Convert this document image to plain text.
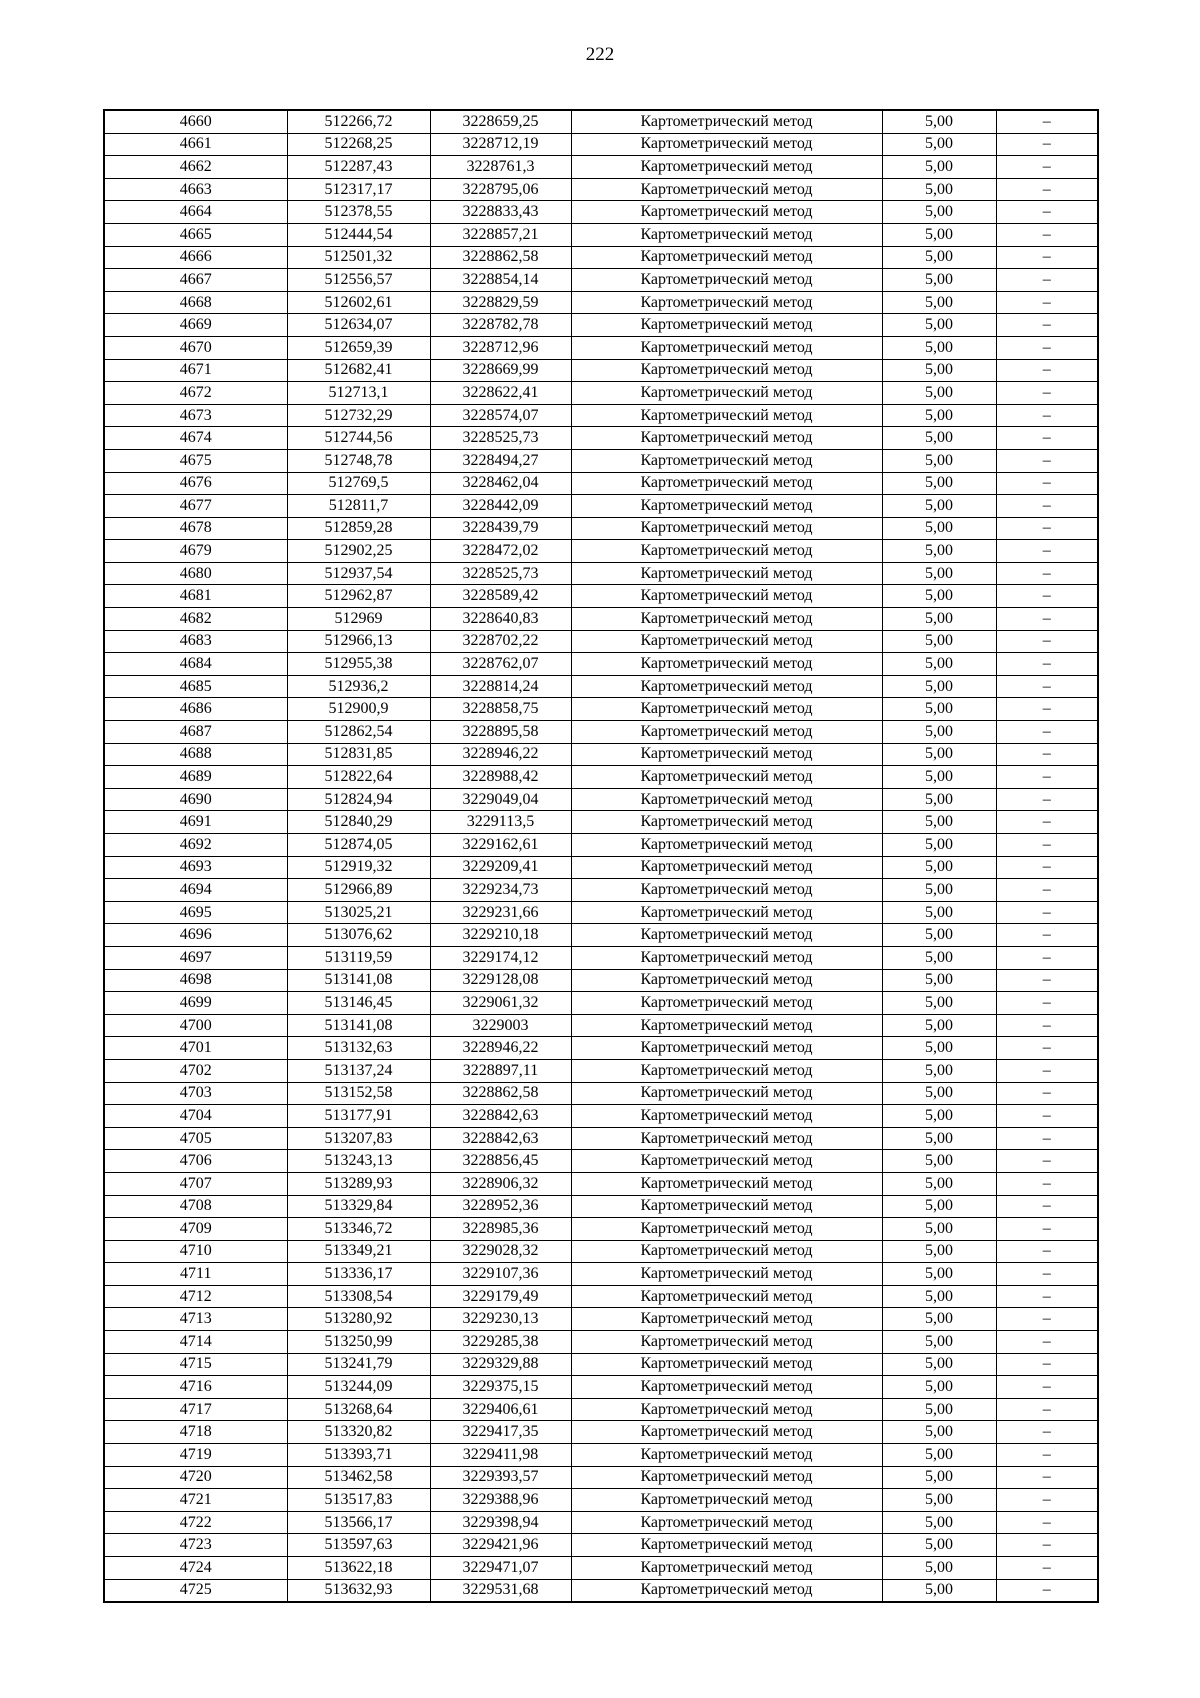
222
4660	512266,72	3228659,25	Картометрический метод	5,00	–
4661	512268,25	3228712,19	Картометрический метод	5,00	–
4662	512287,43	3228761,3	Картометрический метод	5,00	–
4663	512317,17	3228795,06	Картометрический метод	5,00	–
4664	512378,55	3228833,43	Картометрический метод	5,00	–
4665	512444,54	3228857,21	Картометрический метод	5,00	–
4666	512501,32	3228862,58	Картометрический метод	5,00	–
4667	512556,57	3228854,14	Картометрический метод	5,00	–
4668	512602,61	3228829,59	Картометрический метод	5,00	–
4669	512634,07	3228782,78	Картометрический метод	5,00	–
4670	512659,39	3228712,96	Картометрический метод	5,00	–
4671	512682,41	3228669,99	Картометрический метод	5,00	–
4672	512713,1	3228622,41	Картометрический метод	5,00	–
4673	512732,29	3228574,07	Картометрический метод	5,00	–
4674	512744,56	3228525,73	Картометрический метод	5,00	–
4675	512748,78	3228494,27	Картометрический метод	5,00	–
4676	512769,5	3228462,04	Картометрический метод	5,00	–
4677	512811,7	3228442,09	Картометрический метод	5,00	–
4678	512859,28	3228439,79	Картометрический метод	5,00	–
4679	512902,25	3228472,02	Картометрический метод	5,00	–
4680	512937,54	3228525,73	Картометрический метод	5,00	–
4681	512962,87	3228589,42	Картометрический метод	5,00	–
4682	512969	3228640,83	Картометрический метод	5,00	–
4683	512966,13	3228702,22	Картометрический метод	5,00	–
4684	512955,38	3228762,07	Картометрический метод	5,00	–
4685	512936,2	3228814,24	Картометрический метод	5,00	–
4686	512900,9	3228858,75	Картометрический метод	5,00	–
4687	512862,54	3228895,58	Картометрический метод	5,00	–
4688	512831,85	3228946,22	Картометрический метод	5,00	–
4689	512822,64	3228988,42	Картометрический метод	5,00	–
4690	512824,94	3229049,04	Картометрический метод	5,00	–
4691	512840,29	3229113,5	Картометрический метод	5,00	–
4692	512874,05	3229162,61	Картометрический метод	5,00	–
4693	512919,32	3229209,41	Картометрический метод	5,00	–
4694	512966,89	3229234,73	Картометрический метод	5,00	–
4695	513025,21	3229231,66	Картометрический метод	5,00	–
4696	513076,62	3229210,18	Картометрический метод	5,00	–
4697	513119,59	3229174,12	Картометрический метод	5,00	–
4698	513141,08	3229128,08	Картометрический метод	5,00	–
4699	513146,45	3229061,32	Картометрический метод	5,00	–
4700	513141,08	3229003	Картометрический метод	5,00	–
4701	513132,63	3228946,22	Картометрический метод	5,00	–
4702	513137,24	3228897,11	Картометрический метод	5,00	–
4703	513152,58	3228862,58	Картометрический метод	5,00	–
4704	513177,91	3228842,63	Картометрический метод	5,00	–
4705	513207,83	3228842,63	Картометрический метод	5,00	–
4706	513243,13	3228856,45	Картометрический метод	5,00	–
4707	513289,93	3228906,32	Картометрический метод	5,00	–
4708	513329,84	3228952,36	Картометрический метод	5,00	–
4709	513346,72	3228985,36	Картометрический метод	5,00	–
4710	513349,21	3229028,32	Картометрический метод	5,00	–
4711	513336,17	3229107,36	Картометрический метод	5,00	–
4712	513308,54	3229179,49	Картометрический метод	5,00	–
4713	513280,92	3229230,13	Картометрический метод	5,00	–
4714	513250,99	3229285,38	Картометрический метод	5,00	–
4715	513241,79	3229329,88	Картометрический метод	5,00	–
4716	513244,09	3229375,15	Картометрический метод	5,00	–
4717	513268,64	3229406,61	Картометрический метод	5,00	–
4718	513320,82	3229417,35	Картометрический метод	5,00	–
4719	513393,71	3229411,98	Картометрический метод	5,00	–
4720	513462,58	3229393,57	Картометрический метод	5,00	–
4721	513517,83	3229388,96	Картометрический метод	5,00	–
4722	513566,17	3229398,94	Картометрический метод	5,00	–
4723	513597,63	3229421,96	Картометрический метод	5,00	–
4724	513622,18	3229471,07	Картометрический метод	5,00	–
4725	513632,93	3229531,68	Картометрический метод	5,00	–
